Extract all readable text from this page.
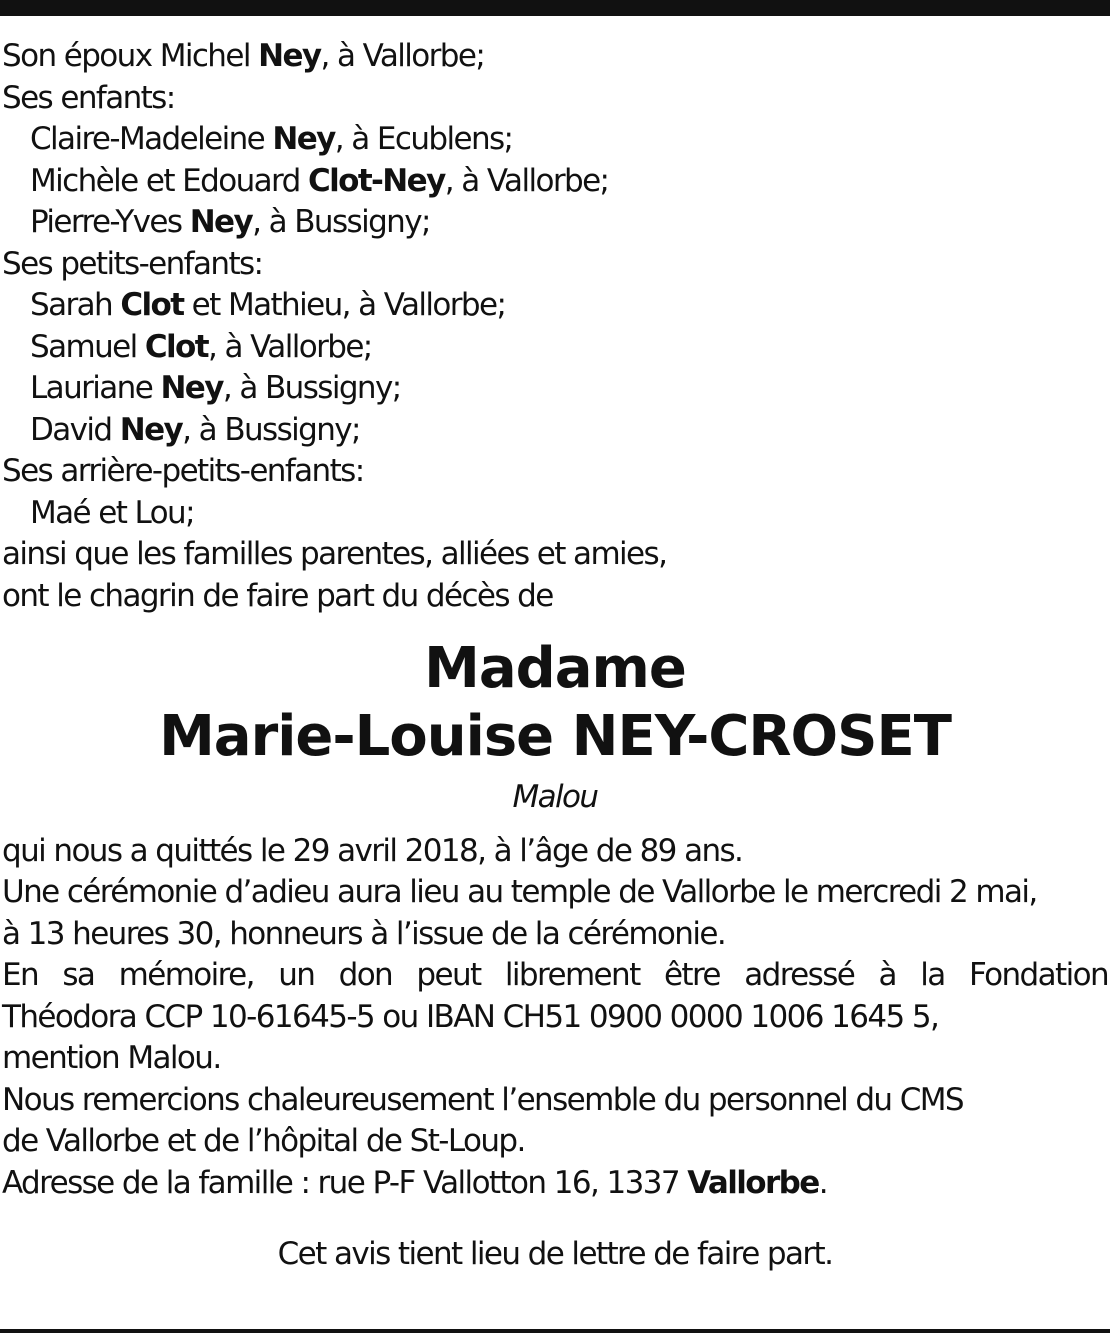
Son époux Michel Ney, à Vallorbe;
Ses enfants:
Claire-Madeleine Ney, à Ecublens;
Michèle et Edouard Clot-Ney, à Vallorbe;
Pierre-Yves Ney, à Bussigny;
Ses petits-enfants:
Sarah Clot et Mathieu, à Vallorbe;
Samuel Clot, à Vallorbe;
Lauriane Ney, à Bussigny;
David Ney, à Bussigny;
Ses arrière-petits-enfants:
Maé et Lou;
ainsi que les familles parentes, alliées et amies,
ont le chagrin de faire part du décès de
Madame
Marie-Louise NEY-CROSET
Malou
qui nous a quittés le 29 avril 2018, à l’âge de 89 ans.
Une cérémonie d’adieu aura lieu au temple de Vallorbe le mercredi 2 mai,
à 13 heures 30, honneurs à l’issue de la cérémonie.
En sa mémoire, un don peut librement être adressé à la Fondation
Théodora CCP 10-61645-5 ou IBAN CH51 0900 0000 1006 1645 5,
mention Malou.
Nous remercions chaleureusement l’ensemble du personnel du CMS
de Vallorbe et de l’hôpital de St-Loup.
Adresse de la famille : rue P-F Vallotton 16, 1337 Vallorbe.
Cet avis tient lieu de lettre de faire part.
